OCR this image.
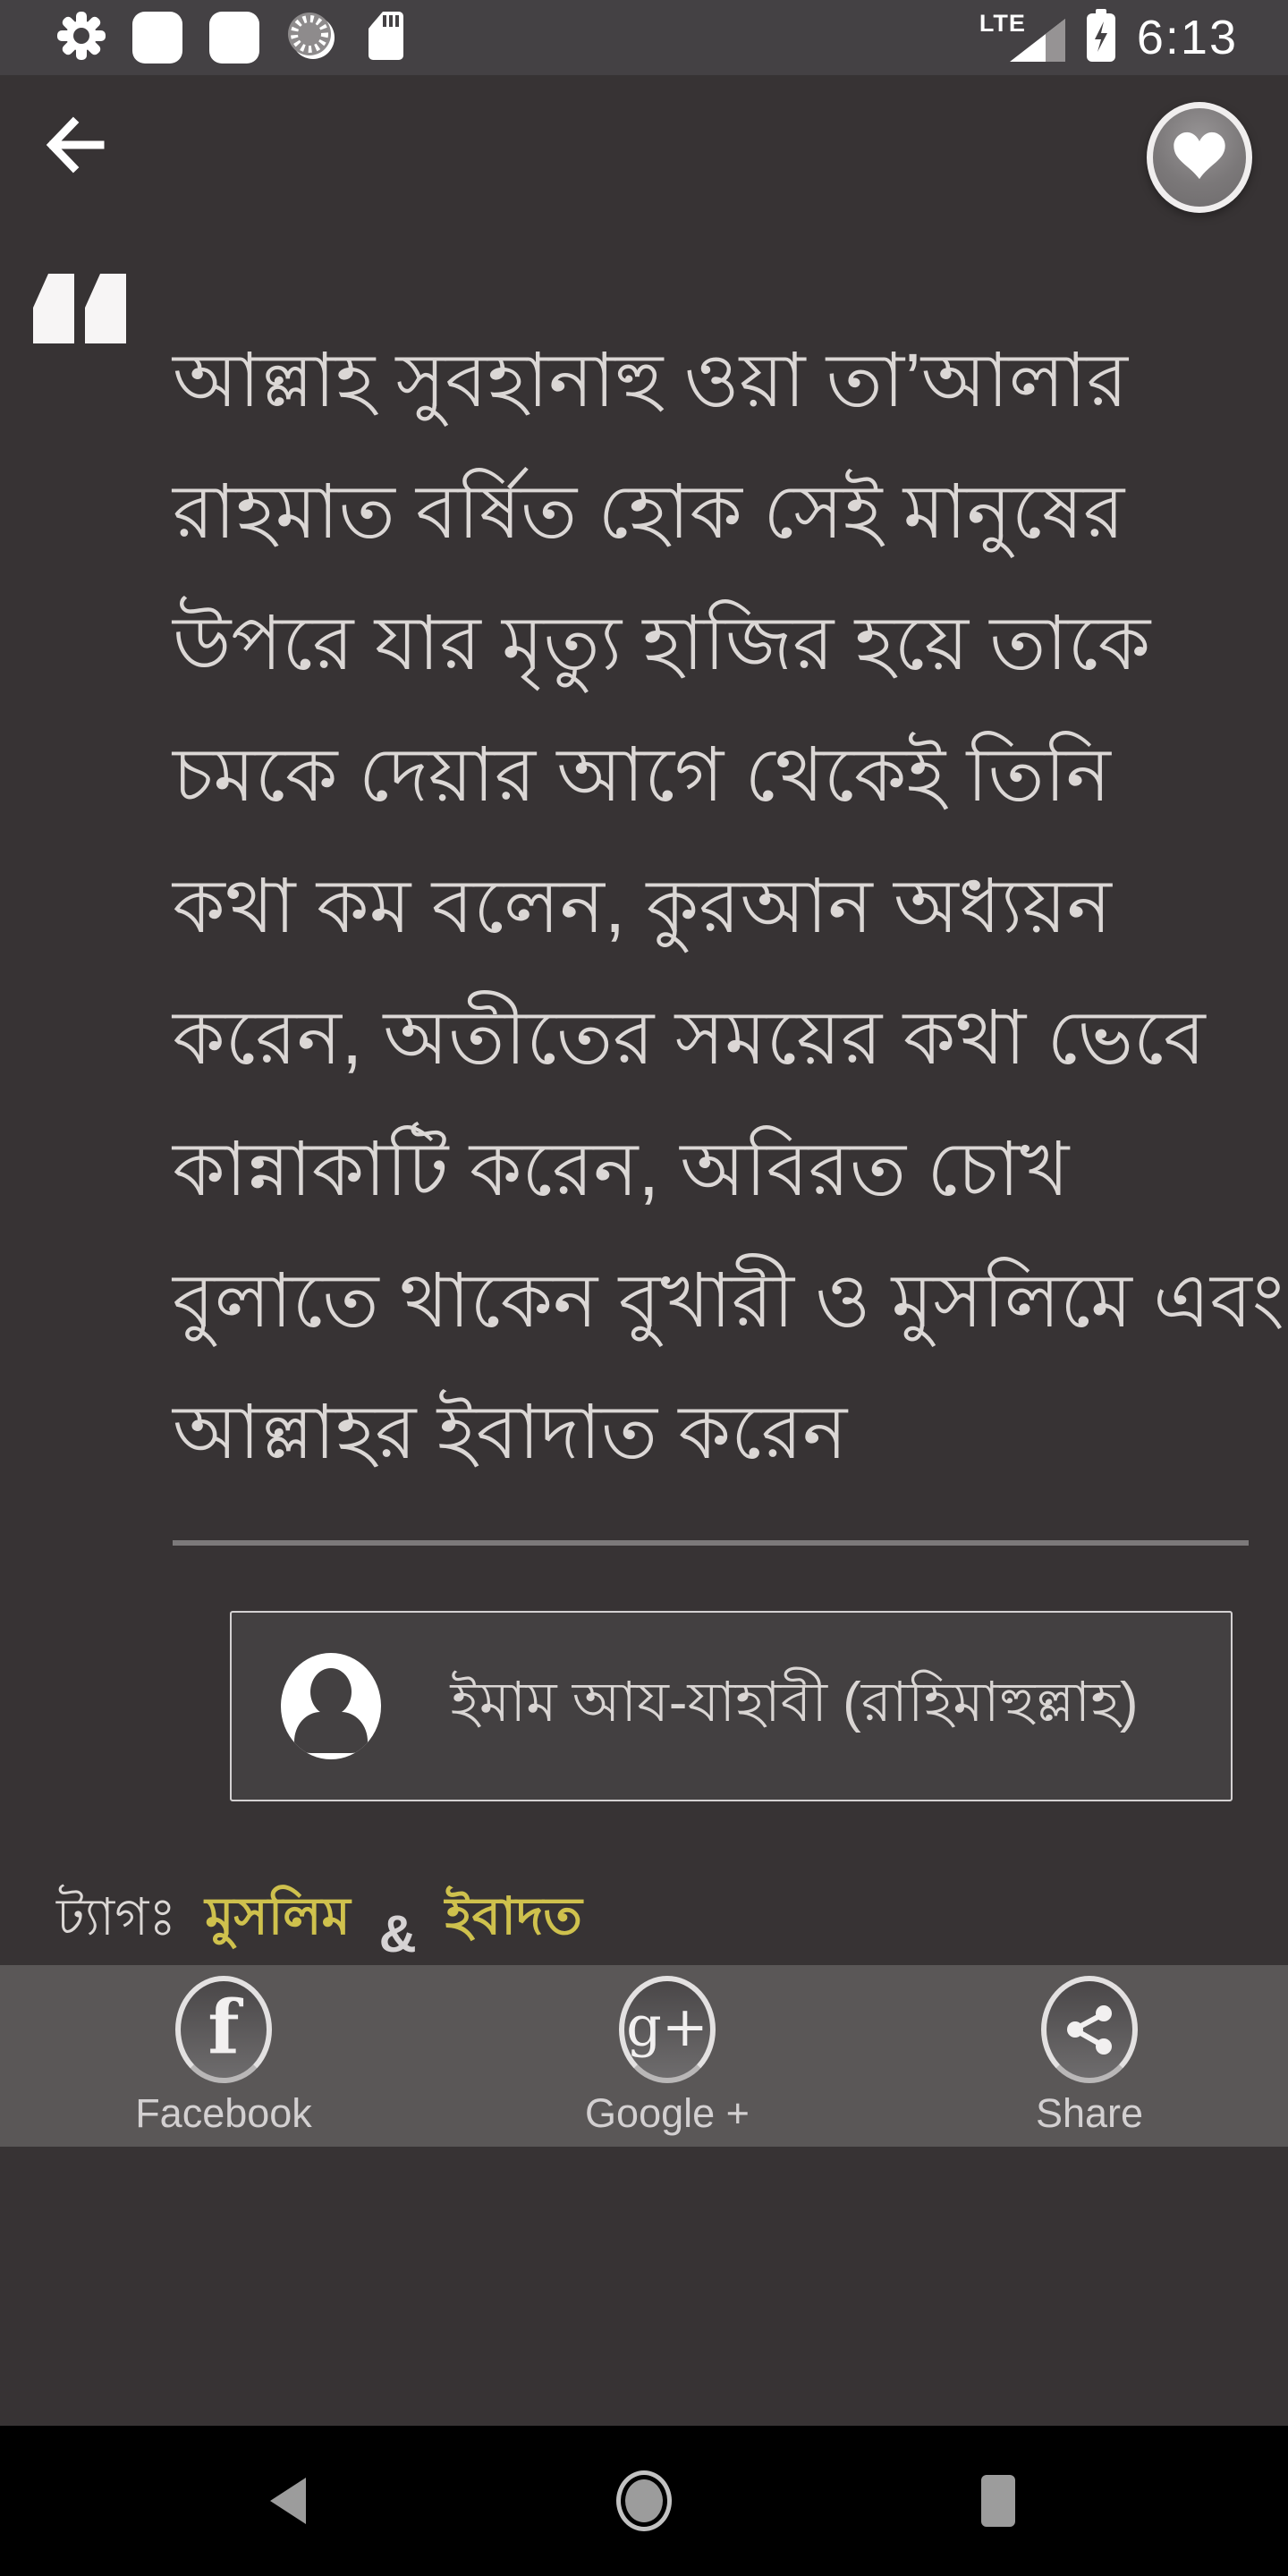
LTE 6:13
আল্লাহ সুবহানাহু ওয়া তা’আলার
রাহমাত বর্ষিত হোক সেই মানুষের
উপরে যার মৃত্যু হাজির হয়ে তাকে
চমকে দেয়ার আগে থেকেই তিনি
কথা কম বলেন, কুরআন অধ্যয়ন
করেন, অতীতের সময়ের কথা ভেবে
কান্নাকাটি করেন, অবিরত চোখ
বুলাতে থাকেন বুখারী ও মুসলিমে এবং
আল্লাহর ইবাদাত করেন
ইমাম আয-যাহাবী (রাহিমাহুল্লাহ)
ট্যাগঃ মুসলিম & ইবাদত
f
Facebook
g+
Google +	Share
